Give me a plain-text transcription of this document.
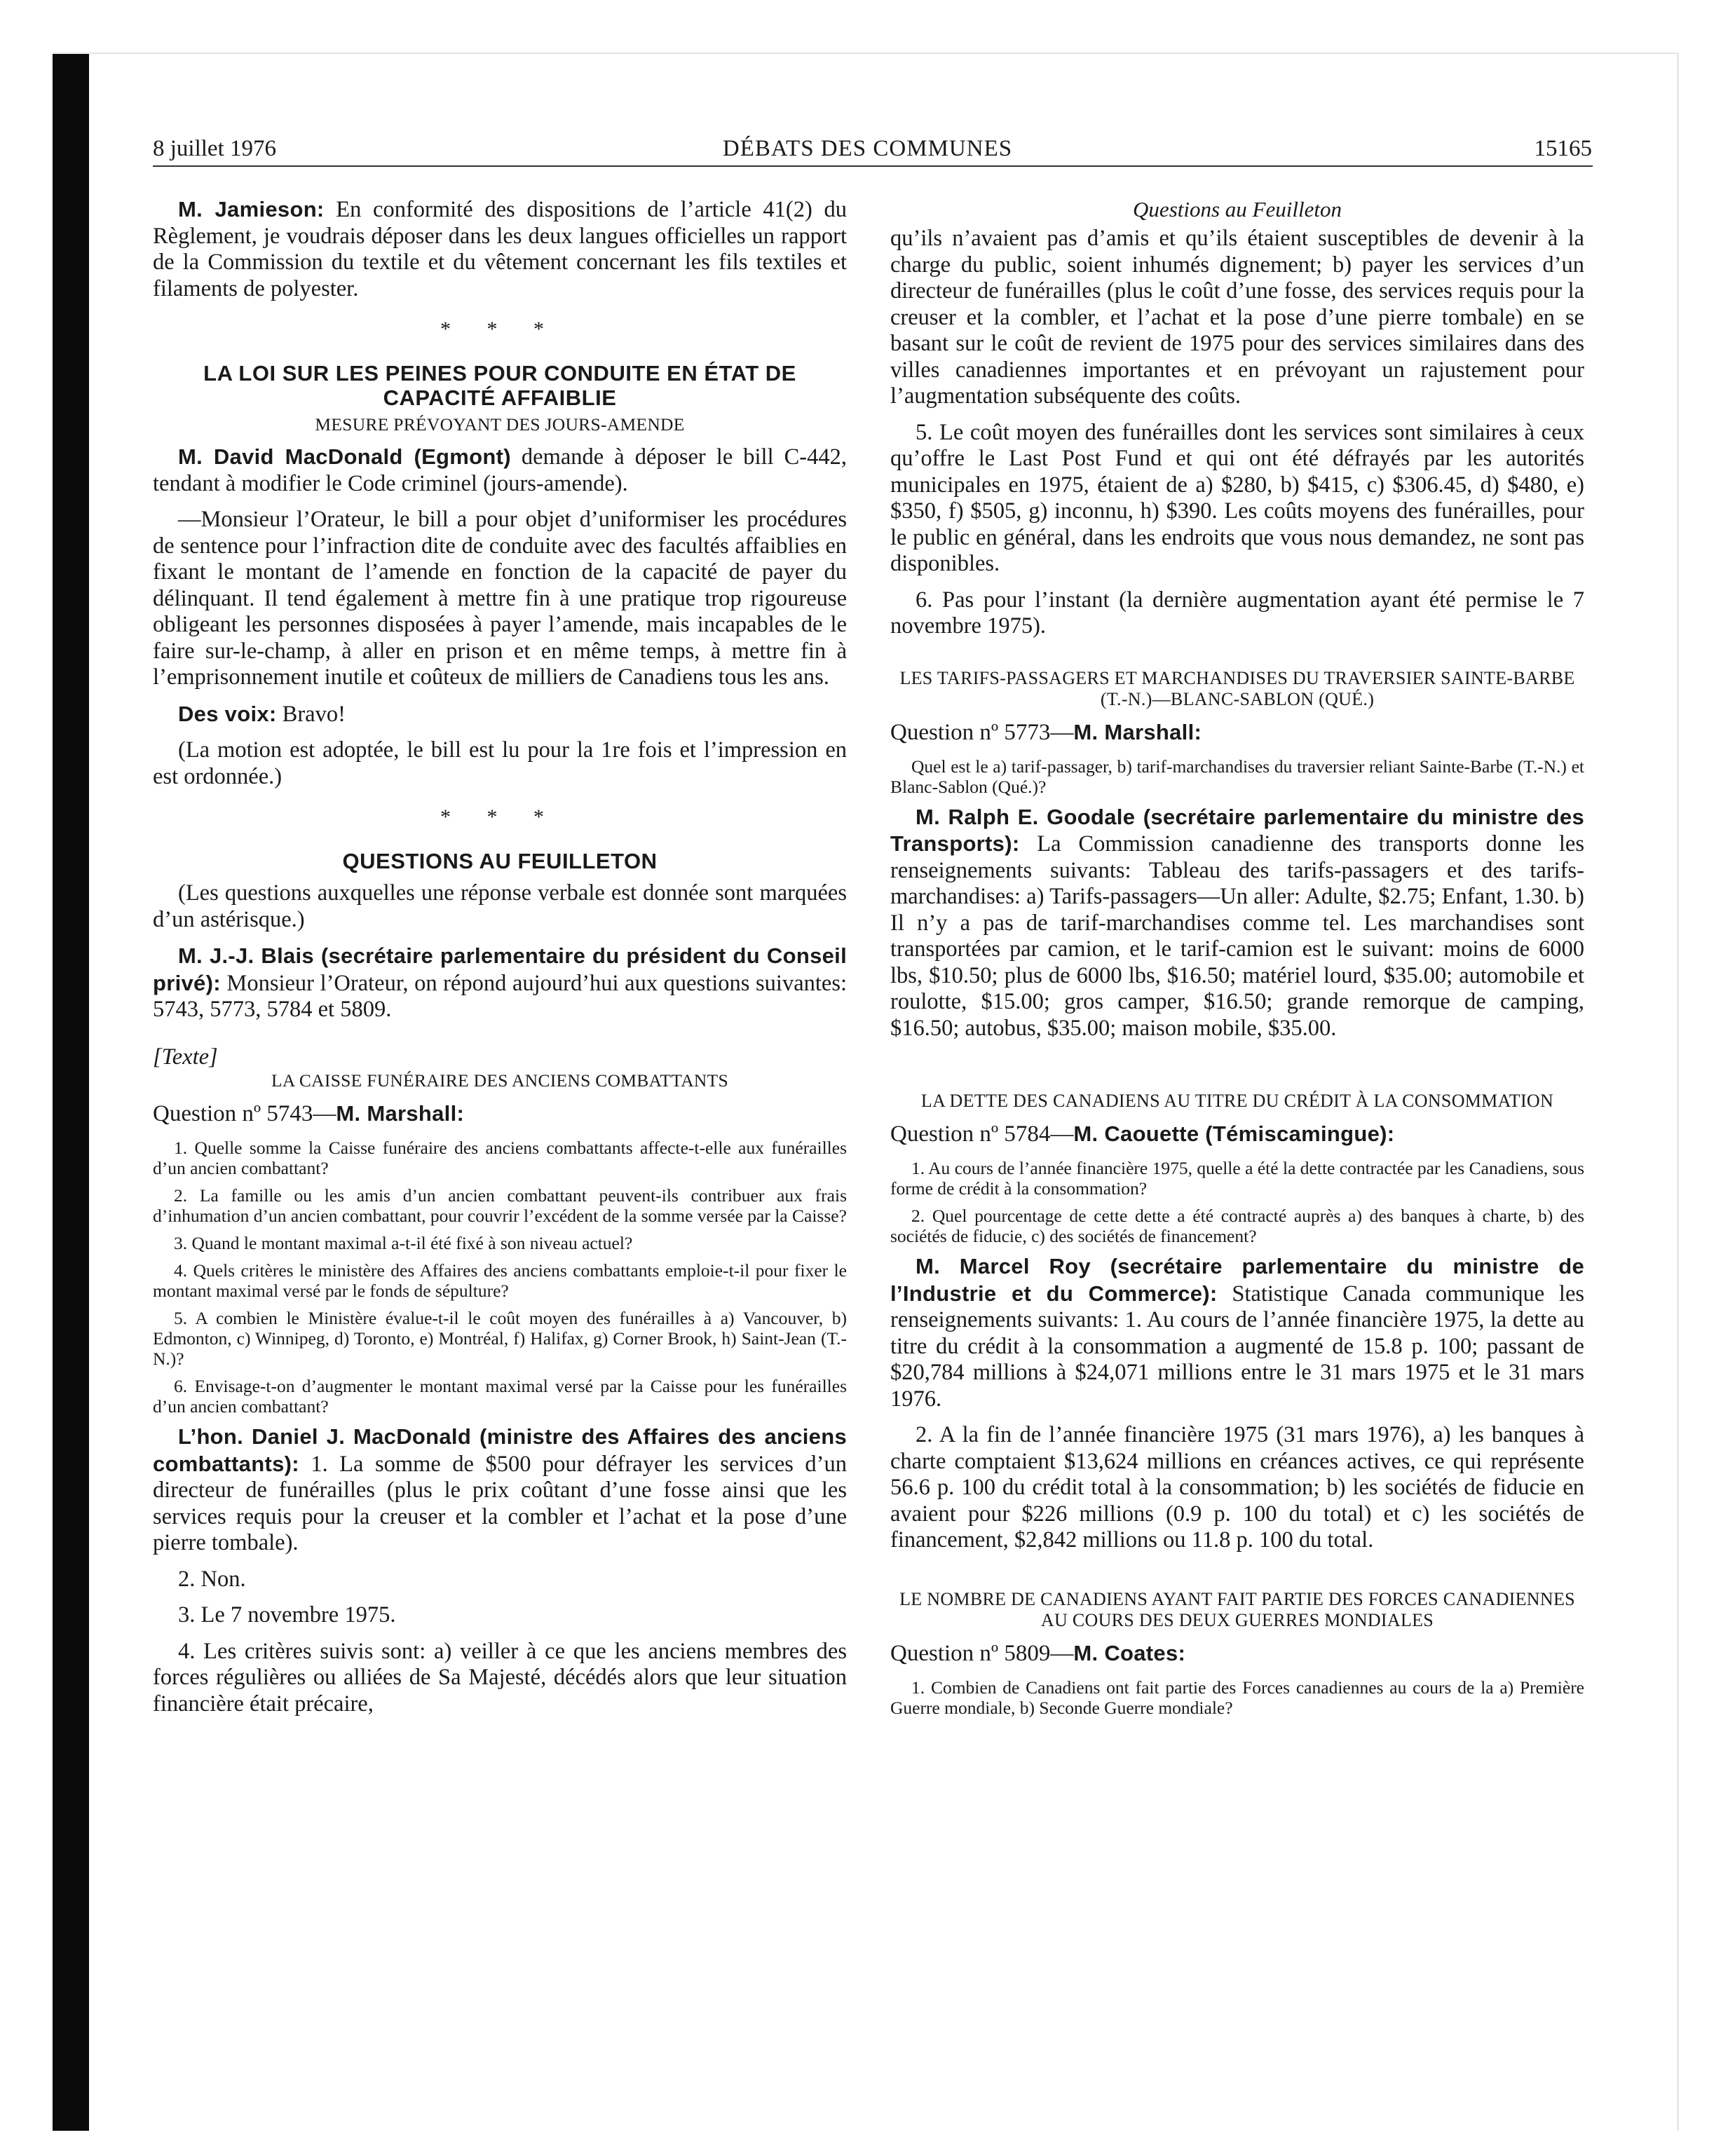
8 juillet 1976	DÉBATS DES COMMUNES	15165

M. Jamieson: En conformité des dispositions de l’article 41(2) du Règlement, je voudrais déposer dans les deux langues officielles un rapport de la Commission du textile et du vêtement concernant les fils textiles et filaments de polyester.

* * *

LA LOI SUR LES PEINES POUR CONDUITE EN ÉTAT DE CAPACITÉ AFFAIBLIE

MESURE PRÉVOYANT DES JOURS-AMENDE

M. David MacDonald (Egmont) demande à déposer le bill C-442, tendant à modifier le Code criminel (jours-amende).

—Monsieur l’Orateur, le bill a pour objet d’uniformiser les procédures de sentence pour l’infraction dite de conduite avec des facultés affaiblies en fixant le montant de l’amende en fonction de la capacité de payer du délinquant. Il tend également à mettre fin à une pratique trop rigoureuse obligeant les personnes disposées à payer l’amende, mais incapables de le faire sur-le-champ, à aller en prison et en même temps, à mettre fin à l’emprisonnement inutile et coûteux de milliers de Canadiens tous les ans.

Des voix: Bravo!

(La motion est adoptée, le bill est lu pour la 1re fois et l’impression en est ordonnée.)

* * *

QUESTIONS AU FEUILLETON

(Les questions auxquelles une réponse verbale est donnée sont marquées d’un astérisque.)

M. J.-J. Blais (secrétaire parlementaire du président du Conseil privé): Monsieur l’Orateur, on répond aujourd’hui aux questions suivantes: 5743, 5773, 5784 et 5809.

[Texte]

LA CAISSE FUNÉRAIRE DES ANCIENS COMBATTANTS

Question nº 5743—M. Marshall:

1. Quelle somme la Caisse funéraire des anciens combattants affecte-t-elle aux funérailles d’un ancien combattant?

2. La famille ou les amis d’un ancien combattant peuvent-ils contribuer aux frais d’inhumation d’un ancien combattant, pour couvrir l’excédent de la somme versée par la Caisse?

3. Quand le montant maximal a-t-il été fixé à son niveau actuel?

4. Quels critères le ministère des Affaires des anciens combattants emploie-t-il pour fixer le montant maximal versé par le fonds de sépulture?

5. A combien le Ministère évalue-t-il le coût moyen des funérailles à a) Vancouver, b) Edmonton, c) Winnipeg, d) Toronto, e) Montréal, f) Halifax, g) Corner Brook, h) Saint-Jean (T.-N.)?

6. Envisage-t-on d’augmenter le montant maximal versé par la Caisse pour les funérailles d’un ancien combattant?

L’hon. Daniel J. MacDonald (ministre des Affaires des anciens combattants): 1. La somme de $500 pour défrayer les services d’un directeur de funérailles (plus le prix coûtant d’une fosse ainsi que les services requis pour la creuser et la combler et l’achat et la pose d’une pierre tombale).

2. Non.

3. Le 7 novembre 1975.

4. Les critères suivis sont: a) veiller à ce que les anciens membres des forces régulières ou alliées de Sa Majesté, décédés alors que leur situation financière était précaire,

Questions au Feuilleton

qu’ils n’avaient pas d’amis et qu’ils étaient susceptibles de devenir à la charge du public, soient inhumés dignement; b) payer les services d’un directeur de funérailles (plus le coût d’une fosse, des services requis pour la creuser et la combler, et l’achat et la pose d’une pierre tombale) en se basant sur le coût de revient de 1975 pour des services similaires dans des villes canadiennes importantes et en prévoyant un rajustement pour l’augmentation subséquente des coûts.

5. Le coût moyen des funérailles dont les services sont similaires à ceux qu’offre le Last Post Fund et qui ont été défrayés par les autorités municipales en 1975, étaient de a) $280, b) $415, c) $306.45, d) $480, e) $350, f) $505, g) inconnu, h) $390. Les coûts moyens des funérailles, pour le public en général, dans les endroits que vous nous demandez, ne sont pas disponibles.

6. Pas pour l’instant (la dernière augmentation ayant été permise le 7 novembre 1975).

LES TARIFS-PASSAGERS ET MARCHANDISES DU TRAVERSIER SAINTE-BARBE (T.-N.)—BLANC-SABLON (QUÉ.)

Question nº 5773—M. Marshall:

Quel est le a) tarif-passager, b) tarif-marchandises du traversier reliant Sainte-Barbe (T.-N.) et Blanc-Sablon (Qué.)?

M. Ralph E. Goodale (secrétaire parlementaire du ministre des Transports): La Commission canadienne des transports donne les renseignements suivants: Tableau des tarifs-passagers et des tarifs-marchandises: a) Tarifs-passagers—Un aller: Adulte, $2.75; Enfant, 1.30. b) Il n’y a pas de tarif-marchandises comme tel. Les marchandises sont transportées par camion, et le tarif-camion est le suivant: moins de 6000 lbs, $10.50; plus de 6000 lbs, $16.50; matériel lourd, $35.00; automobile et roulotte, $15.00; gros camper, $16.50; grande remorque de camping, $16.50; autobus, $35.00; maison mobile, $35.00.

LA DETTE DES CANADIENS AU TITRE DU CRÉDIT À LA CONSOMMATION

Question nº 5784—M. Caouette (Témiscamingue):

1. Au cours de l’année financière 1975, quelle a été la dette contractée par les Canadiens, sous forme de crédit à la consommation?

2. Quel pourcentage de cette dette a été contracté auprès a) des banques à charte, b) des sociétés de fiducie, c) des sociétés de financement?

M. Marcel Roy (secrétaire parlementaire du ministre de l’Industrie et du Commerce): Statistique Canada communique les renseignements suivants: 1. Au cours de l’année financière 1975, la dette au titre du crédit à la consommation a augmenté de 15.8 p. 100; passant de $20,784 millions à $24,071 millions entre le 31 mars 1975 et le 31 mars 1976.

2. A la fin de l’année financière 1975 (31 mars 1976), a) les banques à charte comptaient $13,624 millions en créances actives, ce qui représente 56.6 p. 100 du crédit total à la consommation; b) les sociétés de fiducie en avaient pour $226 millions (0.9 p. 100 du total) et c) les sociétés de financement, $2,842 millions ou 11.8 p. 100 du total.

LE NOMBRE DE CANADIENS AYANT FAIT PARTIE DES FORCES CANADIENNES AU COURS DES DEUX GUERRES MONDIALES

Question nº 5809—M. Coates:

1. Combien de Canadiens ont fait partie des Forces canadiennes au cours de la a) Première Guerre mondiale, b) Seconde Guerre mondiale?
